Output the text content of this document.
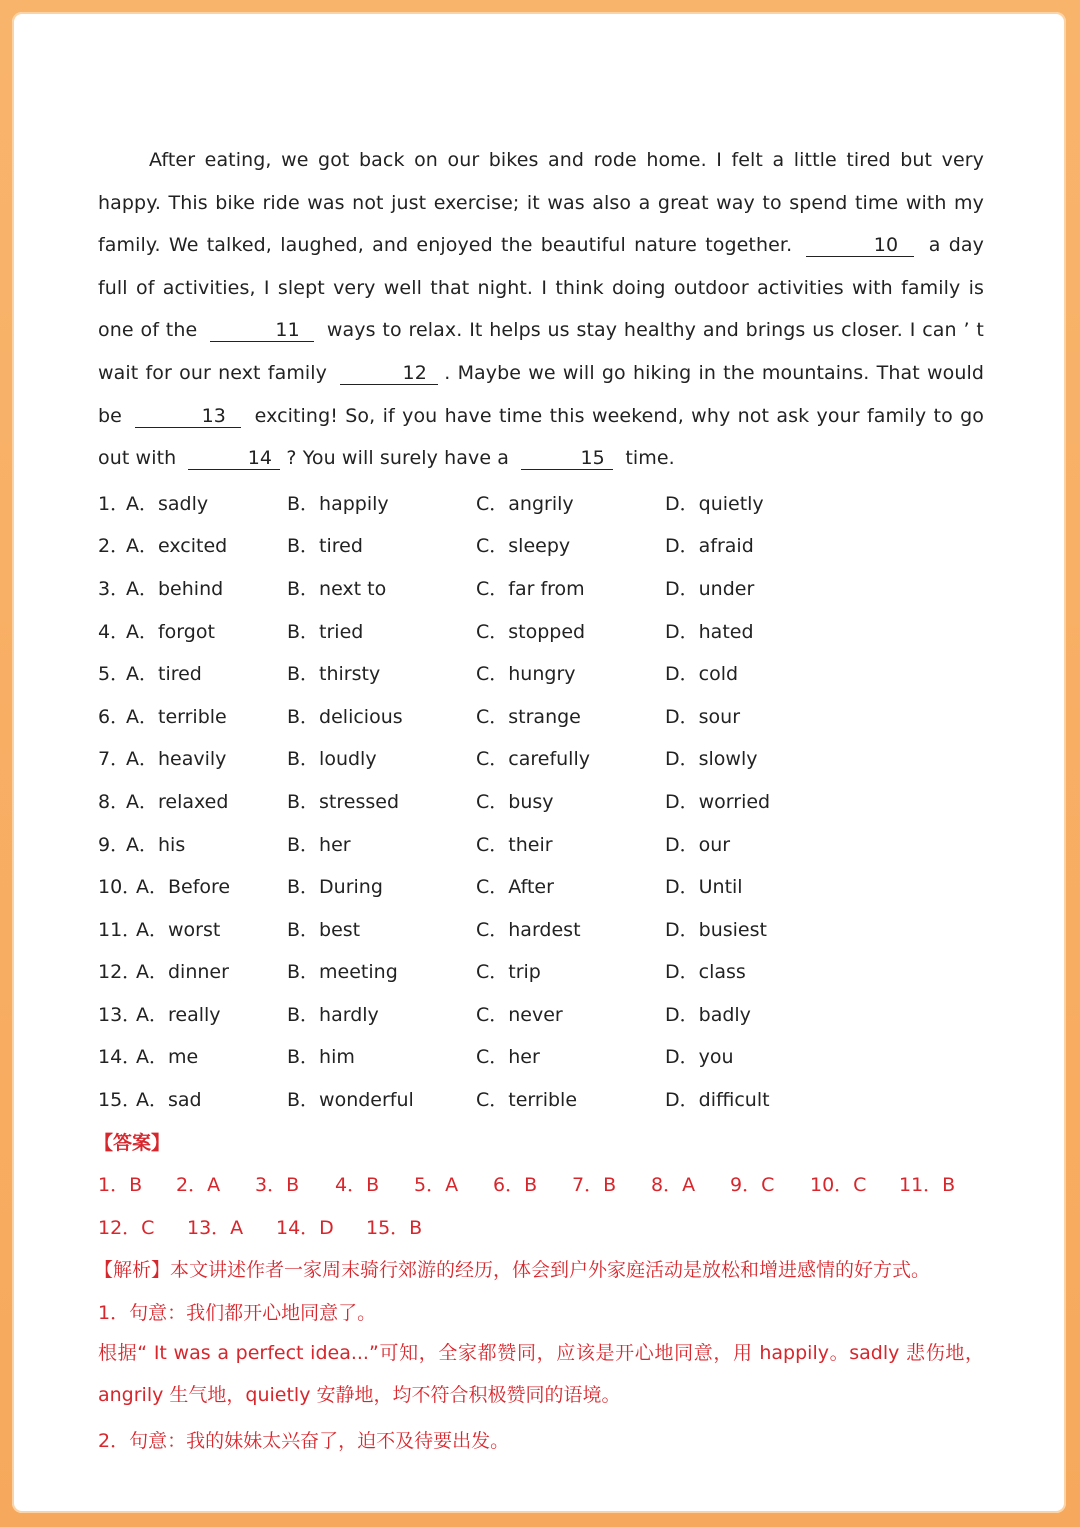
After eating, we got back on our bikes and rode home. I felt a little tired but very happy. This bike ride was not just exercise; it was also a great way to spend time with my family. We talked, laughed, and enjoyed the beautiful nature together.	10 a day full of activities, I slept very well that night. I think doing outdoor activities with family is one of the	11 ways to relax. It helps us stay healthy and brings us closer. I can ’ t wait for our next family	12 . Maybe we will go hiking in the mountains. That would be	13 exciting! So, if you have time this weekend, why not ask your family to go out with	14 ? You will surely have a	15 time.

1．
A．sadly	B．happily	C．angrily	D．quietly
2．
A．excited	B．tired	C．sleepy	D．afraid
3．
A．behind	B．next to	C．far from	D．under
4．
A．forgot	B．tried	C．stopped	D．hated
5．
A．tired	B．thirsty	C．hungry	D．cold
6．
A．terrible	B．delicious	C．strange	D．sour
7．
A．heavily	B．loudly	C．carefully	D．slowly
8．
A．relaxed	B．stressed	C．busy	D．worried
9．
A．his	B．her	C．their	D．our
10．
A．Before	B．During	C．After	D．Until
11．
A．worst	B．best	C．hardest	D．busiest
12．
A．dinner	B．meeting	C．trip	D．class
13．
A．really	B．hardly	C．never	D．badly
14．
A．me	B．him	C．her	D．you
15．
A．sad	B．wonderful	C．terrible	D．difficult
【答案】
1．B 2．A 3．B 4．B 5．A 6．B 7．B 8．A 9．C 10．C 11．B
12．C 13．A 14．D 15．B
【解析】本文讲述作者一家周末骑行郊游的经历，体会到户外家庭活动是放松和增进感情的好方式。
1．句意：我们都开心地同意了。

根据“ It was a perfect idea...”可知，全家都赞同，应该是开心地同意，用 happily。sadly 悲伤地，angrily 生气地，quietly 安静地，均不符合积极赞同的语境。

2．句意：我的妹妹太兴奋了，迫不及待要出发。
